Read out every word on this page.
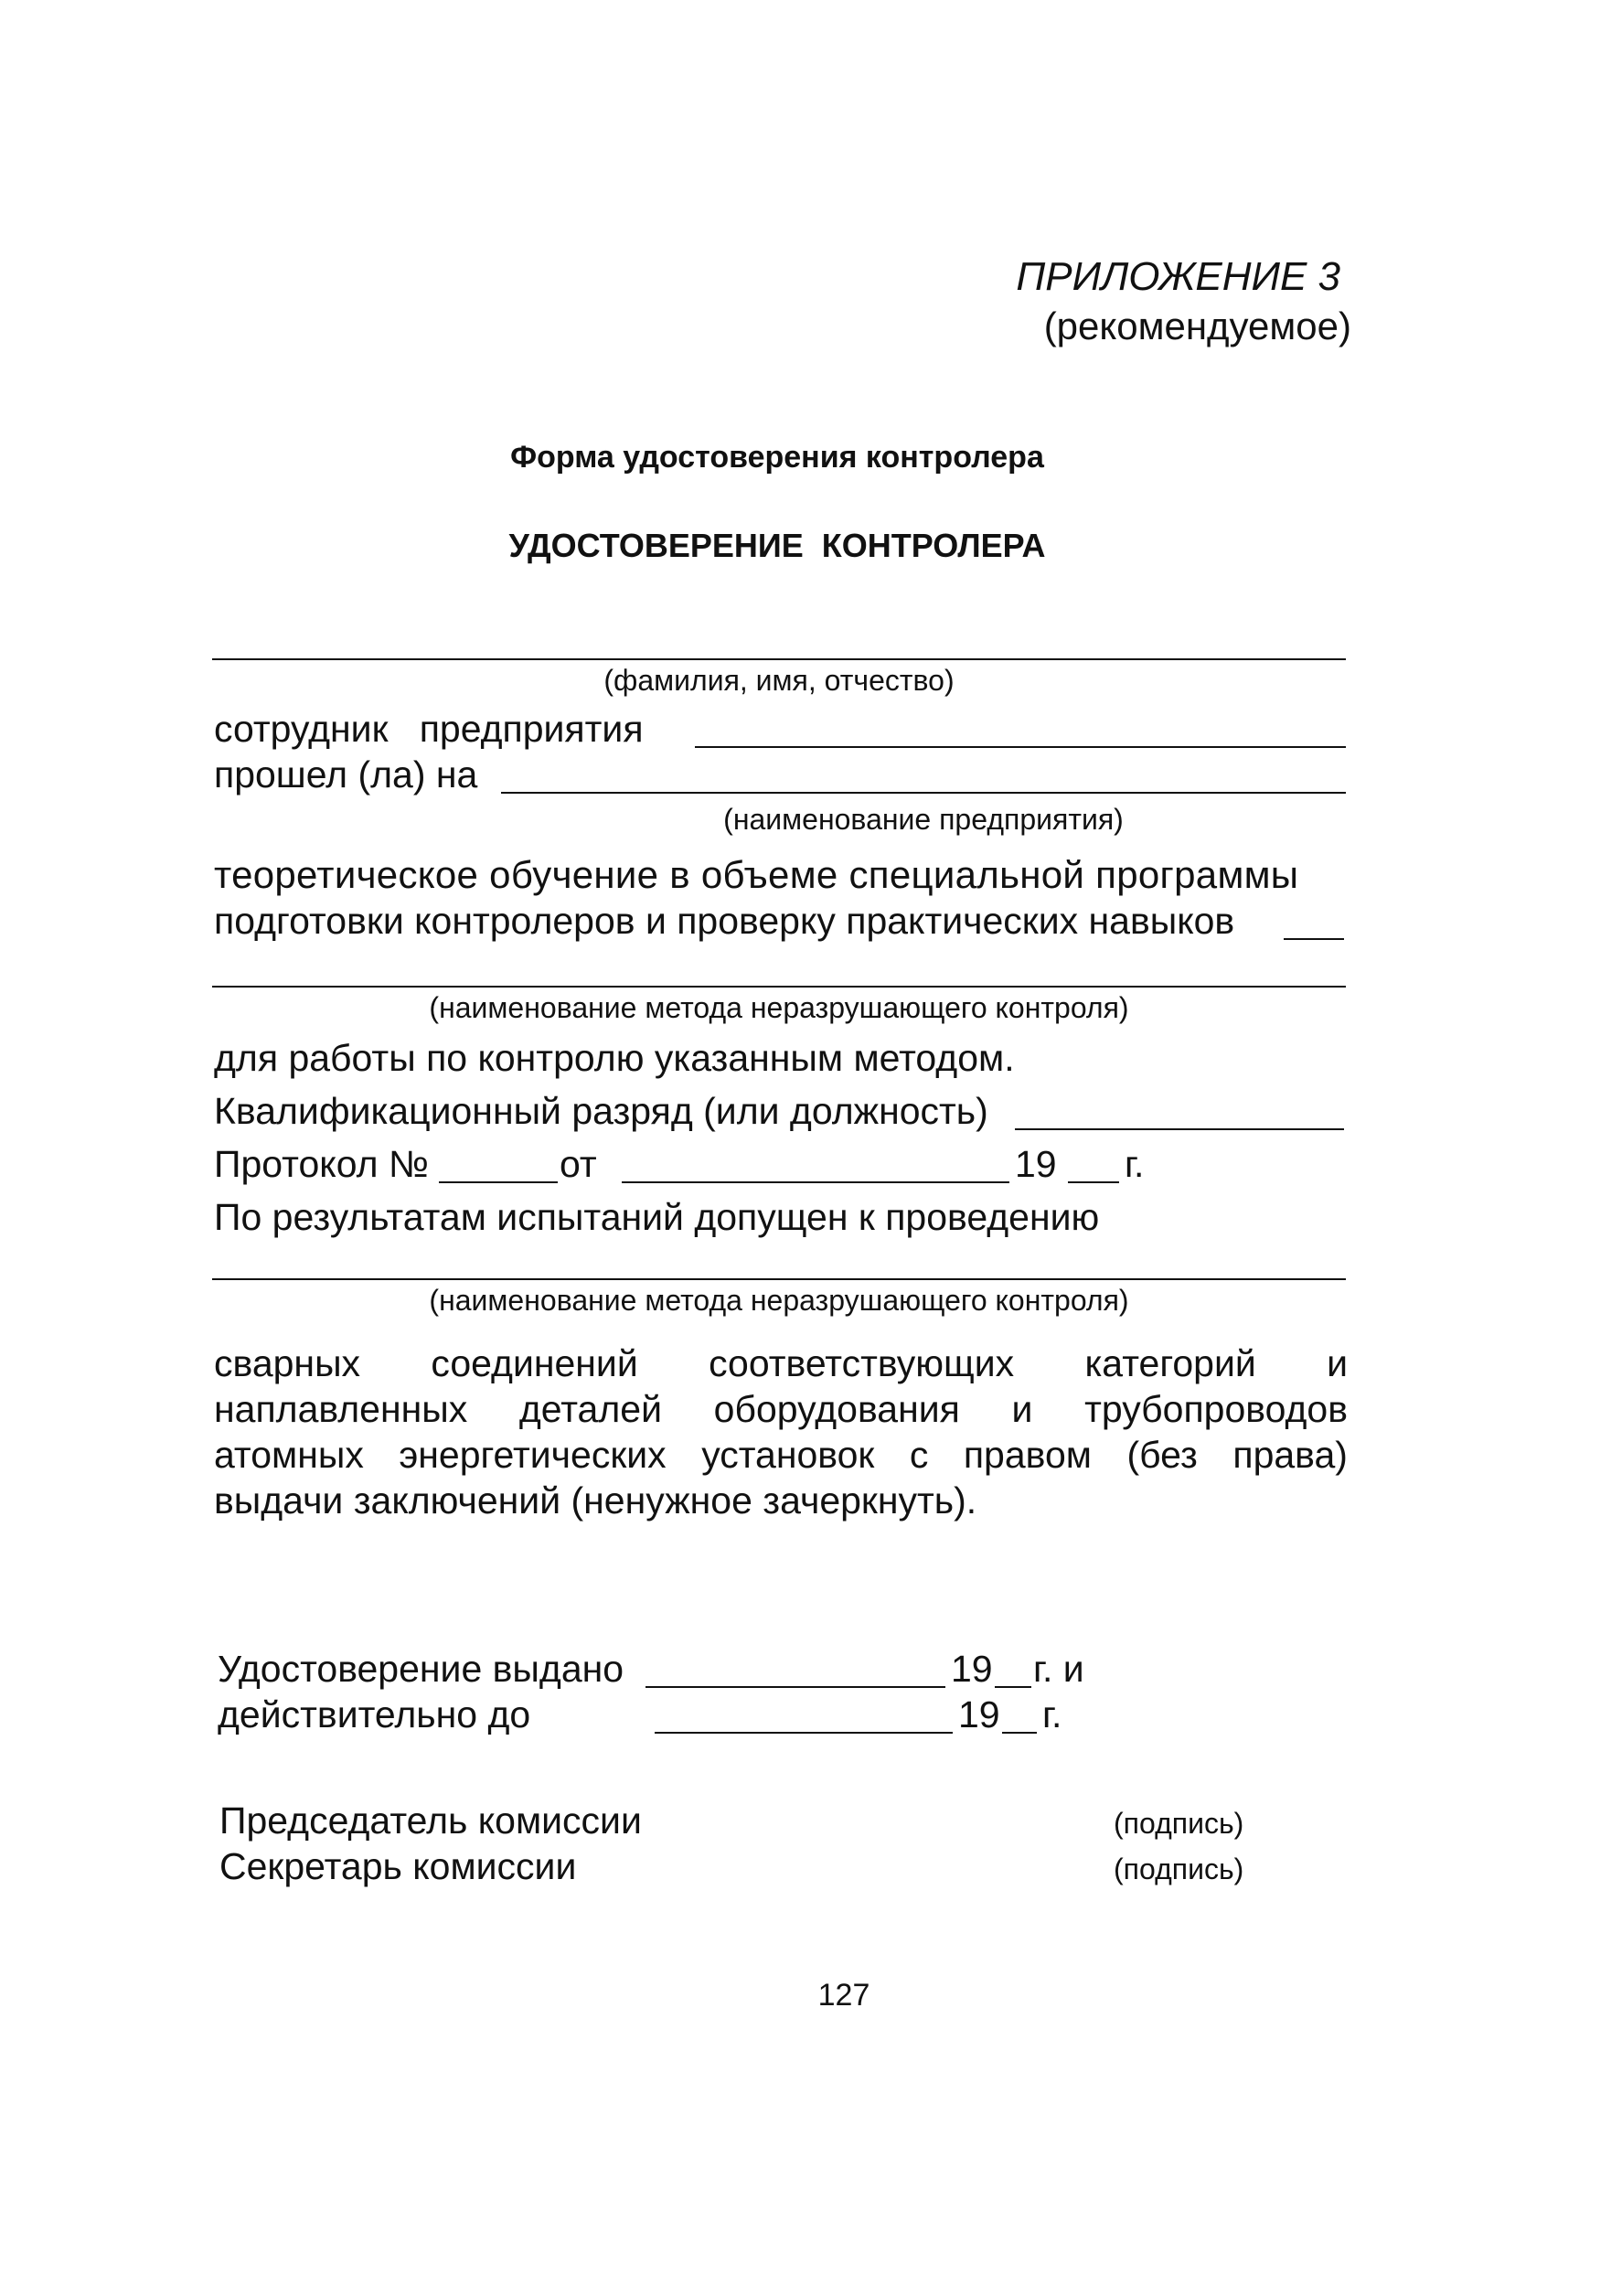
ПРИЛОЖЕНИЕ 3
(рекомендуемое)
Форма удостоверения контролера
УДОСТОВЕРЕНИЕ  КОНТРОЛЕРА
(фамилия, имя, отчество)
сотрудник   предприятия
прошел (ла) на
(наименование предприятия)
теоретическое обучение в объеме специальной программы
подготовки контролеров и проверку практических навыков
(наименование метода неразрушающего контроля)
для работы по контролю указанным методом.
Квалификационный разряд (или должность)
Протокол №	от	19 г.
По результатам испытаний допущен к проведению
(наименование метода неразрушающего контроля)
сварных соединений соответствующих категорий и
наплавленных деталей оборудования и трубопроводов
атомных энергетических установок с правом (без права)
выдачи заключений (ненужное зачеркнуть).
Удостоверение выдано	19 г. и
действительно до	19 г.
Председатель комиссии	(подпись)
Секретарь комиссии	(подпись)
127
